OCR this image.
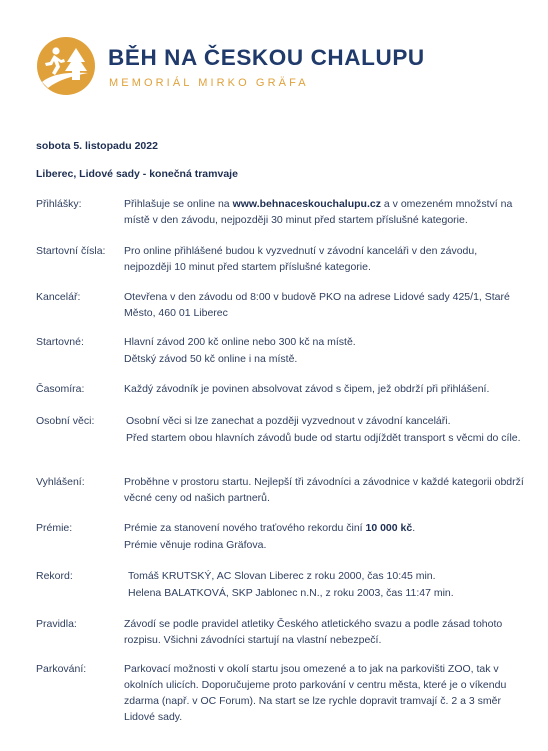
BĚH NA ČESKOU CHALUPU
MEMORIÁL MIRKO GRÄFA
sobota 5. listopadu 2022
Liberec, Lidové sady - konečná tramvaje
Přihlášky:	Přihlašuje se online na www.behnaceskouchalupu.cz a v omezeném množství na místě v den závodu, nejpozději 30 minut před startem příslušné kategorie.

Startovní čísla: Pro online přihlášené budou k vyzvednutí v závodní kanceláři v den závodu, nejpozději 10 minut před startem příslušné kategorie.

Kancelář:	Otevřena v den závodu od 8:00 v budově PKO na adrese Lidové sady 425/1, Staré Město, 460 01 Liberec

Startovné:	Hlavní závod 200 kč online nebo 300 kč na místě.

Dětský závod 50 kč online i na místě.

Časomíra:	Každý závodník je povinen absolvovat závod s čipem, jež obdrží při přihlášení.

Osobní věci:	Osobní věci si lze zanechat a později vyzvednout v závodní kanceláři.

Před startem obou hlavních závodů bude od startu odjíždět transport s věcmi do cíle.

Vyhlášení:	Proběhne v prostoru startu. Nejlepší tři závodníci a závodnice v každé kategorii obdrží věcné ceny od našich partnerů.

Prémie:	Prémie za stanovení nového traťového rekordu činí 10 000 kč.

Prémie věnuje rodina Gräfova.

Rekord:	Tomáš KRUTSKÝ, AC Slovan Liberec z roku 2000, čas 10:45 min.

Helena BALATKOVÁ, SKP Jablonec n.N., z roku 2003, čas 11:47 min.

Pravidla:	Závodí se podle pravidel atletiky Českého atletického svazu a podle zásad tohoto rozpisu. Všichni závodníci startují na vlastní nebezpečí.

Parkování:	Parkovací možnosti v okolí startu jsou omezené a to jak na parkovišti ZOO, tak v okolních ulicích. Doporučujeme proto parkování v centru města, které je o víkendu zdarma (např. v OC Forum). Na start se lze rychle dopravit tramvají č. 2 a 3 směr Lidové sady.
